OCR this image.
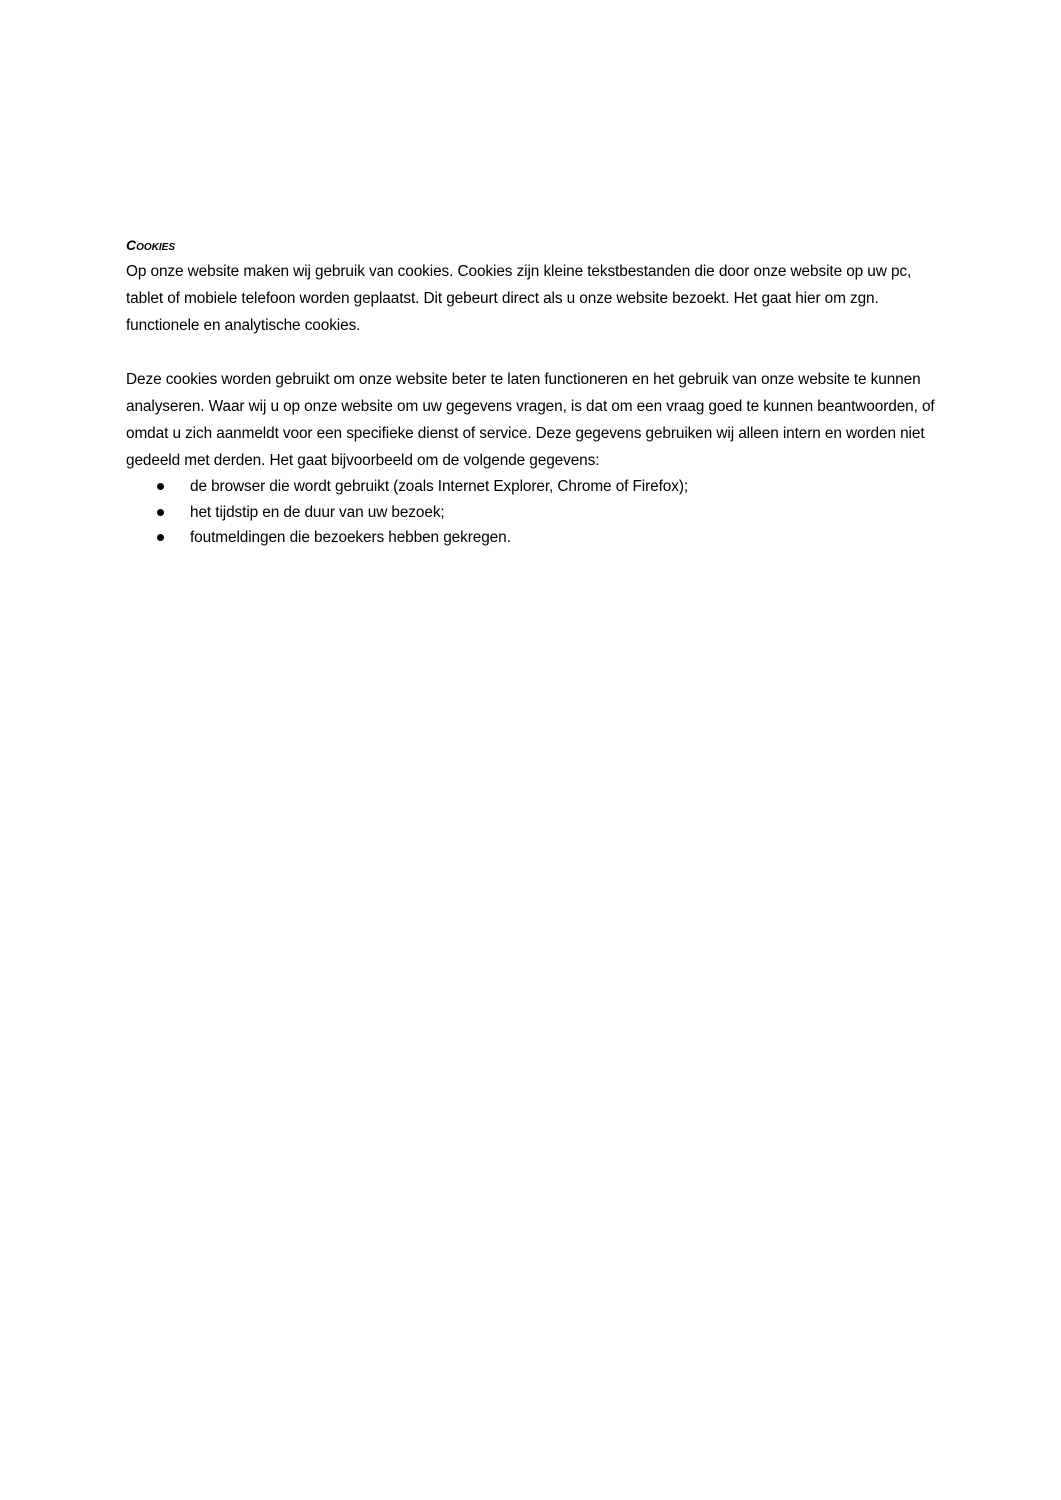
Cookies

Op onze website maken wij gebruik van cookies. Cookies zijn kleine tekstbestanden die door onze website op uw pc, tablet of mobiele telefoon worden geplaatst. Dit gebeurt direct als u onze website bezoekt. Het gaat hier om zgn. functionele en analytische cookies.

Deze cookies worden gebruikt om onze website beter te laten functioneren en het gebruik van onze website te kunnen analyseren. Waar wij u op onze website om uw gegevens vragen, is dat om een vraag goed te kunnen beantwoorden, of omdat u zich aanmeldt voor een specifieke dienst of service. Deze gegevens gebruiken wij alleen intern en worden niet gedeeld met derden. Het gaat bijvoorbeeld om de volgende gegevens:

de browser die wordt gebruikt (zoals Internet Explorer, Chrome of Firefox);
het tijdstip en de duur van uw bezoek;
foutmeldingen die bezoekers hebben gekregen.
